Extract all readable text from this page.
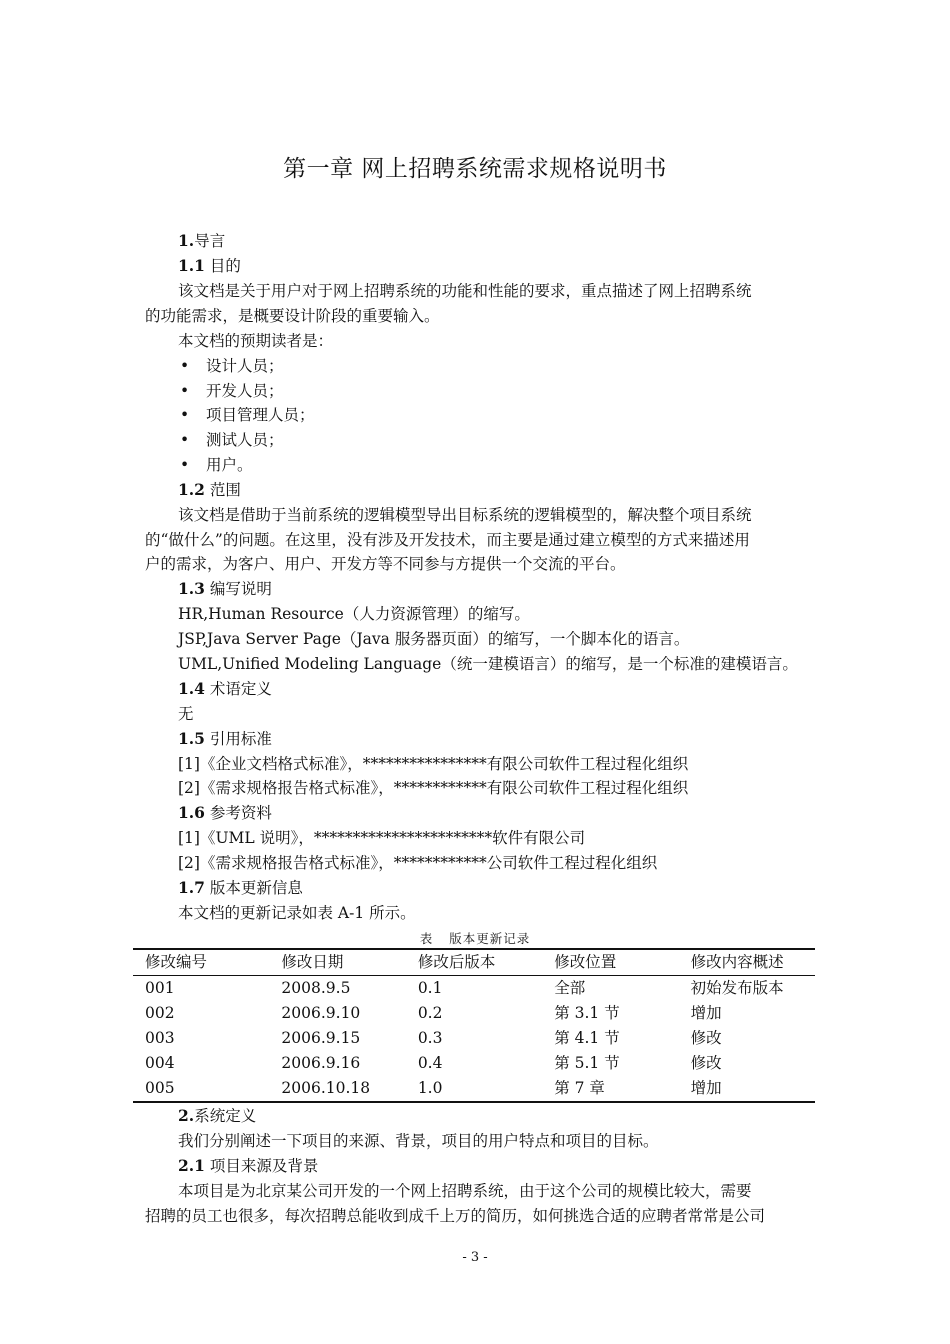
第一章 网上招聘系统需求规格说明书
1.导言
1.1 目的
该文档是关于用户对于网上招聘系统的功能和性能的要求，重点描述了网上招聘系统
的功能需求，是概要设计阶段的重要输入。
本文档的预期读者是：
• 设计人员；
• 开发人员；
• 项目管理人员；
• 测试人员；
• 用户。
1.2 范围
该文档是借助于当前系统的逻辑模型导出目标系统的逻辑模型的，解决整个项目系统
的“做什么”的问题。在这里，没有涉及开发技术，而主要是通过建立模型的方式来描述用
户的需求，为客户、用户、开发方等不同参与方提供一个交流的平台。
1.3 编写说明
HR,Human Resource（人力资源管理）的缩写。
JSP,Java Server Page（Java 服务器页面）的缩写，一个脚本化的语言。
UML,Unified Modeling Language（统一建模语言）的缩写，是一个标准的建模语言。
1.4 术语定义
无
1.5 引用标准
[1]《企业文档格式标准》，****************有限公司软件工程过程化组织
[2]《需求规格报告格式标准》，************有限公司软件工程过程化组织
1.6 参考资料
[1]《UML 说明》，***********************软件有限公司
[2]《需求规格报告格式标准》，************公司软件工程过程化组织
1.7 版本更新信息
本文档的更新记录如表 A-1 所示。
表 版本更新记录
修改编号	修改日期	修改后版本	修改位置	修改内容概述
001	2008.9.5	0.1	全部	初始发布版本
002	2006.9.10	0.2	第 3.1 节	增加
003	2006.9.15	0.3	第 4.1 节	修改
004	2006.9.16	0.4	第 5.1 节	修改
005	2006.10.18	1.0	第 7 章	增加
2.系统定义
我们分别阐述一下项目的来源、背景，项目的用户特点和项目的目标。
2.1 项目来源及背景
本项目是为北京某公司开发的一个网上招聘系统，由于这个公司的规模比较大，需要
招聘的员工也很多，每次招聘总能收到成千上万的简历，如何挑选合适的应聘者常常是公司
- 3 -
